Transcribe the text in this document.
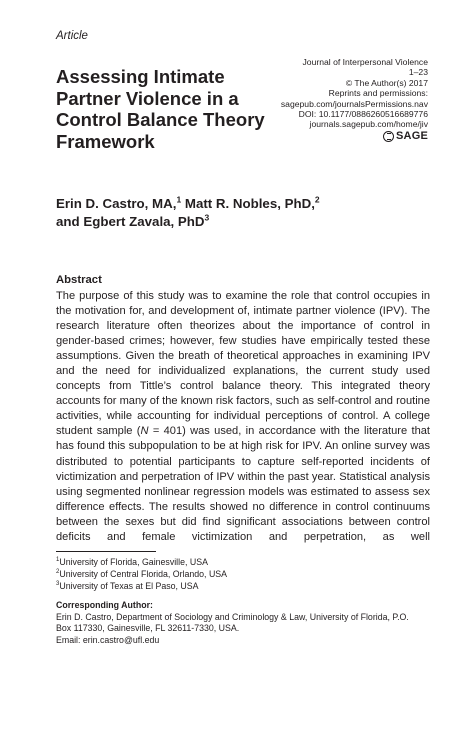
Article
Journal of Interpersonal Violence
1–23
© The Author(s) 2017
Reprints and permissions:
sagepub.com/journalsPermissions.nav
DOI: 10.1177/0886260516689776
journals.sagepub.com/home/jiv
SAGE
Assessing Intimate Partner Violence in a Control Balance Theory Framework
Erin D. Castro, MA,$^1$ Matt R. Nobles, PhD,$^2$
and Egbert Zavala, PhD$^3$
Abstract
The purpose of this study was to examine the role that control occupies in the motivation for, and development of, intimate partner violence (IPV). The research literature often theorizes about the importance of control in gender-based crimes; however, few studies have empirically tested these assumptions. Given the breath of theoretical approaches in examining IPV and the need for individualized explanations, the current study used concepts from Tittle’s control balance theory. This integrated theory accounts for many of the known risk factors, such as self-control and routine activities, while accounting for individual perceptions of control. A college student sample (N = 401) was used, in accordance with the literature that has found this subpopulation to be at high risk for IPV. An online survey was distributed to potential participants to capture self-reported incidents of victimization and perpetration of IPV within the past year. Statistical analysis using segmented nonlinear regression models was estimated to assess sex difference effects. The results showed no difference in control continuums between the sexes but did find significant associations between control deficits and female victimization and perpetration, as well
$^1$University of Florida, Gainesville, USA
$^2$University of Central Florida, Orlando, USA
$^3$University of Texas at El Paso, USA
Corresponding Author:
Erin D. Castro, Department of Sociology and Criminology & Law, University of Florida, P.O.
Box 117330, Gainesville, FL 32611-7330, USA.
Email: erin.castro@ufl.edu
